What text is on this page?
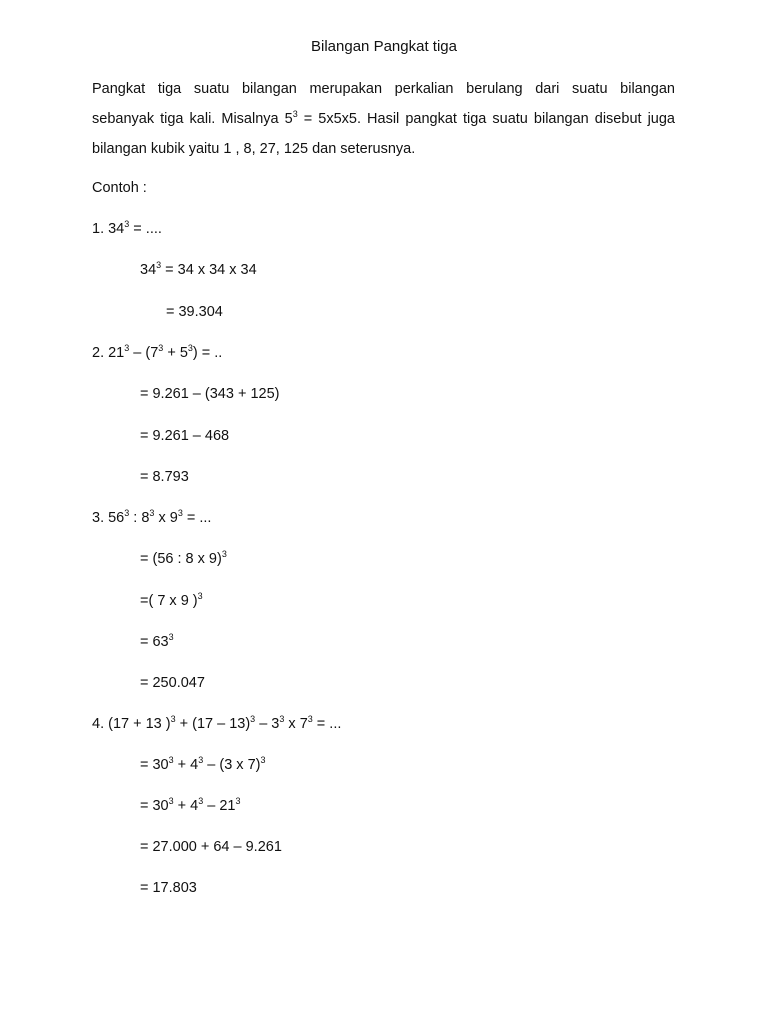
Bilangan Pangkat tiga
Pangkat tiga suatu bilangan merupakan perkalian berulang dari suatu bilangan
sebanyak tiga kali. Misalnya $5^3 = 5x5x5$. Hasil pangkat tiga suatu bilangan disebut juga
bilangan kubik yaitu 1 , 8, 27, 125 dan seterusnya.
Contoh :
1. $34^3$ = ....
$34^3 = 34$ x 34 x 34
= 39.304
2. $21^3 - (7^3 + 5^3)$ = ..
= 9.261 – (343 + 125)
= 9.261 – 468
= 8.793
3. $56^3$ : $8^3$ x $9^3$ = ...
= (56 : 8 x 9)$^3$
=( 7 x 9 )$^3$
= $63^3$
= 250.047
4. (17 + 13 )$^3 + (17 - 13)^3 - 3^3$ x $7^3$ = ...
= $30^3 + 4^3 - (3$ x 7)$^3$
= $30^3 + 4^3 - 21^3$
= 27.000 + 64 – 9.261
= 17.803
